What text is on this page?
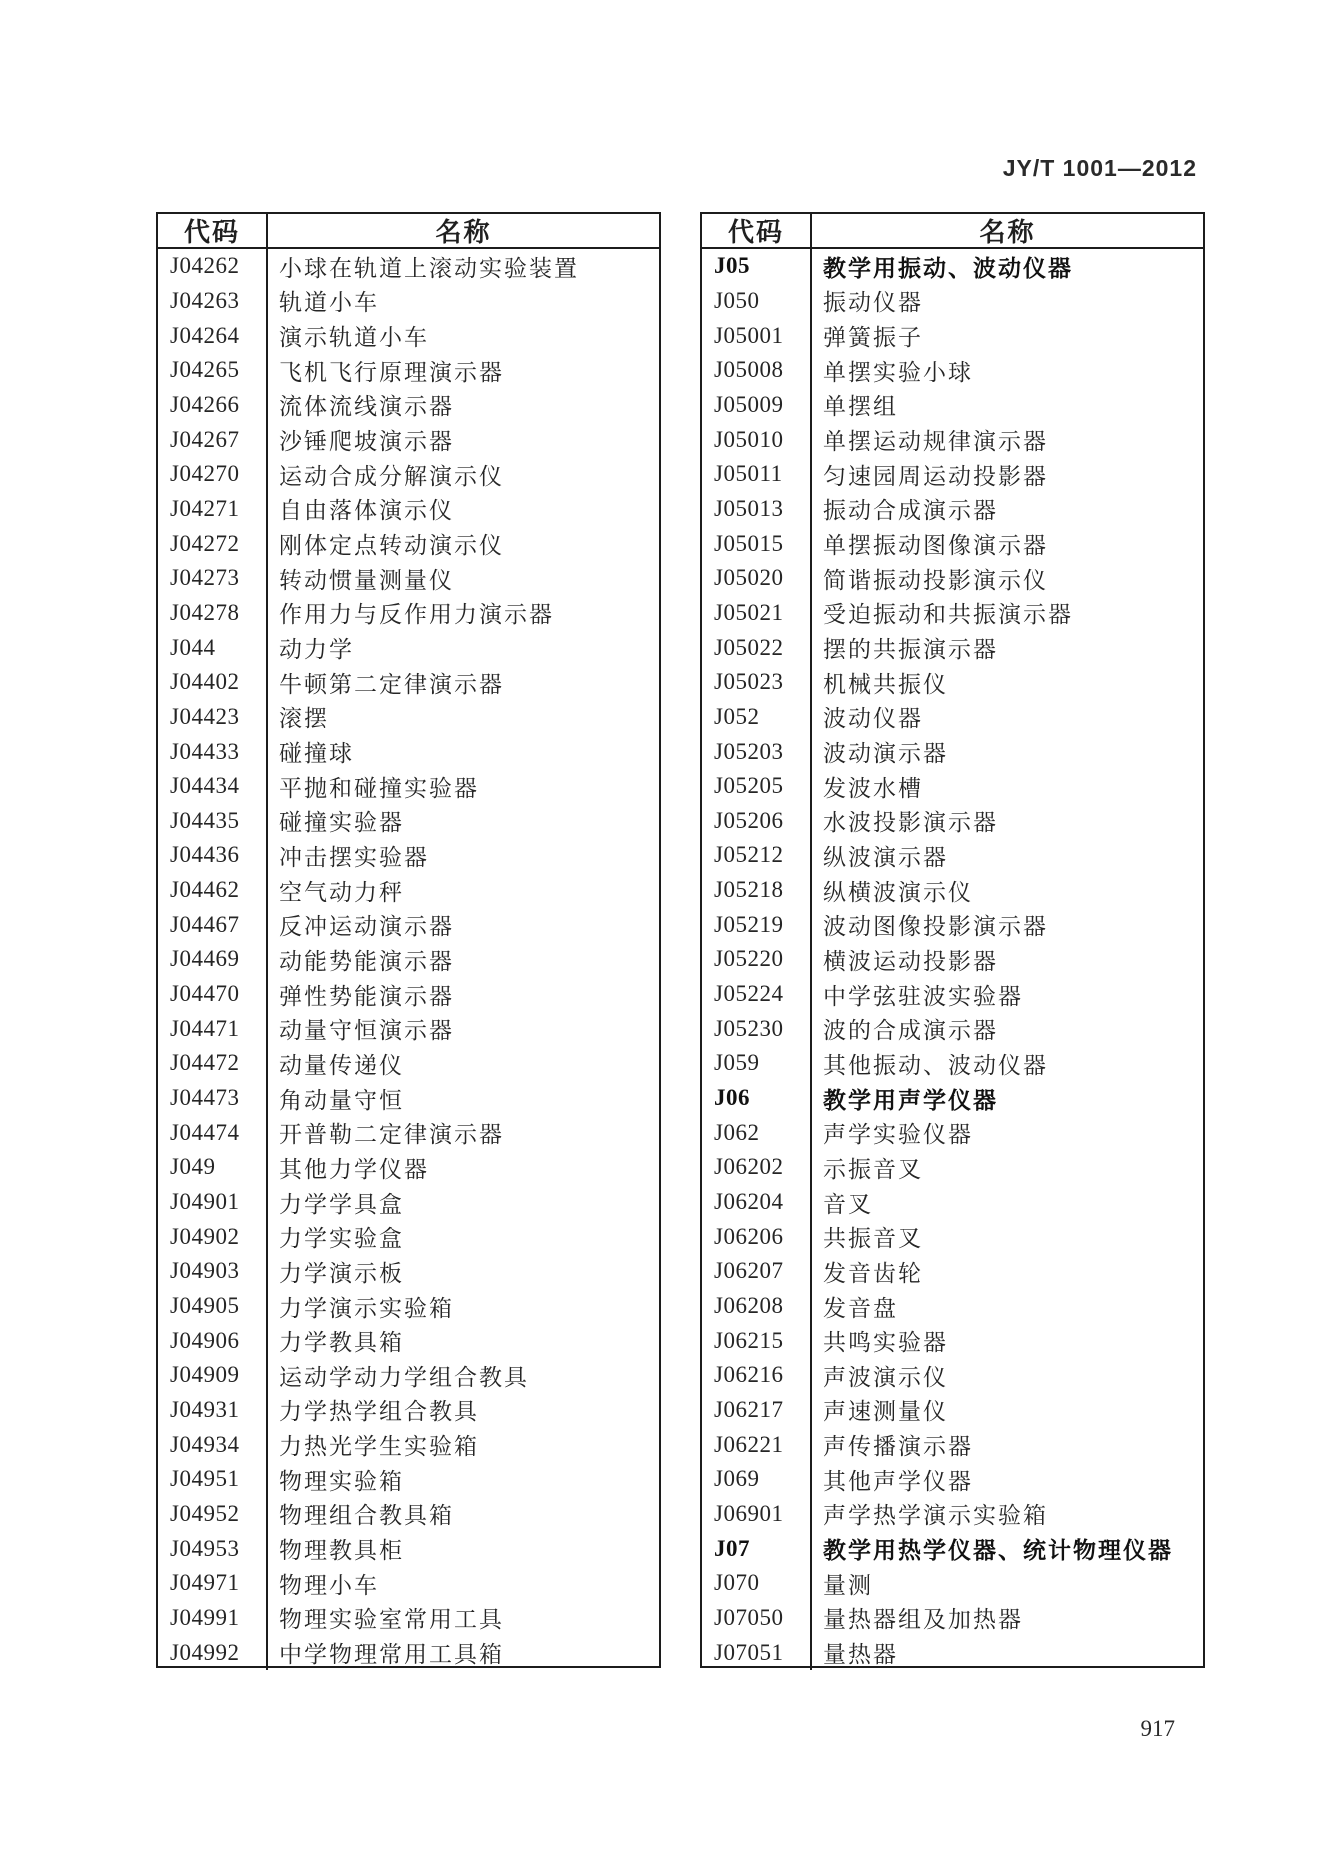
JY/T 1001—2012
代码	名称
J04262	小球在轨道上滚动实验装置
J04263	轨道小车
J04264	演示轨道小车
J04265	飞机飞行原理演示器
J04266	流体流线演示器
J04267	沙锤爬坡演示器
J04270	运动合成分解演示仪
J04271	自由落体演示仪
J04272	刚体定点转动演示仪
J04273	转动惯量测量仪
J04278	作用力与反作用力演示器
J044	动力学
J04402	牛顿第二定律演示器
J04423	滚摆
J04433	碰撞球
J04434	平抛和碰撞实验器
J04435	碰撞实验器
J04436	冲击摆实验器
J04462	空气动力秤
J04467	反冲运动演示器
J04469	动能势能演示器
J04470	弹性势能演示器
J04471	动量守恒演示器
J04472	动量传递仪
J04473	角动量守恒
J04474	开普勒二定律演示器
J049	其他力学仪器
J04901	力学学具盒
J04902	力学实验盒
J04903	力学演示板
J04905	力学演示实验箱
J04906	力学教具箱
J04909	运动学动力学组合教具
J04931	力学热学组合教具
J04934	力热光学生实验箱
J04951	物理实验箱
J04952	物理组合教具箱
J04953	物理教具柜
J04971	物理小车
J04991	物理实验室常用工具
J04992	中学物理常用工具箱
代码	名称
J05	教学用振动、波动仪器
J050	振动仪器
J05001	弹簧振子
J05008	单摆实验小球
J05009	单摆组
J05010	单摆运动规律演示器
J05011	匀速园周运动投影器
J05013	振动合成演示器
J05015	单摆振动图像演示器
J05020	简谐振动投影演示仪
J05021	受迫振动和共振演示器
J05022	摆的共振演示器
J05023	机械共振仪
J052	波动仪器
J05203	波动演示器
J05205	发波水槽
J05206	水波投影演示器
J05212	纵波演示器
J05218	纵横波演示仪
J05219	波动图像投影演示器
J05220	横波运动投影器
J05224	中学弦驻波实验器
J05230	波的合成演示器
J059	其他振动、波动仪器
J06	教学用声学仪器
J062	声学实验仪器
J06202	示振音叉
J06204	音叉
J06206	共振音叉
J06207	发音齿轮
J06208	发音盘
J06215	共鸣实验器
J06216	声波演示仪
J06217	声速测量仪
J06221	声传播演示器
J069	其他声学仪器
J06901	声学热学演示实验箱
J07	教学用热学仪器、统计物理仪器
J070	量测
J07050	量热器组及加热器
J07051	量热器
917
